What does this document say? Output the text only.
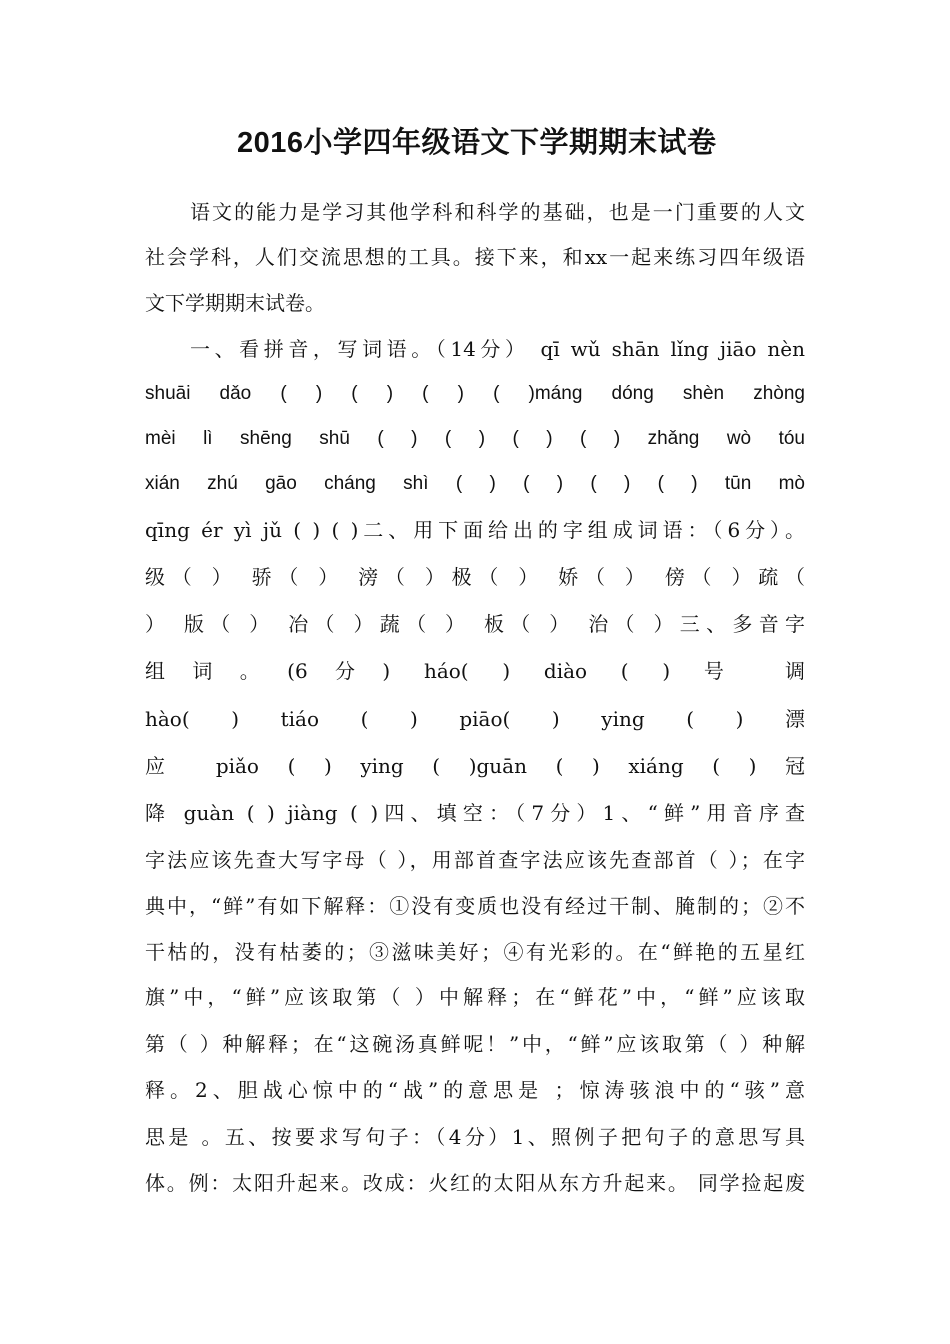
2016小学四年级语文下学期期末试卷
语文的能力是学习其他学科和科学的基础，也是一门重要的人文
社会学科，人们交流思想的工具。接下来，和xx一起来练习四年级语
文下学期期末试卷。
一、看拼音，写词语。（14分） qī wǔ shān lǐng jiāo nèn
shuāi dǎo ( ) ( ) ( ) ( )máng dóng shèn zhòng
mèi lì shēng shū ( ) ( ) ( ) ( ) zhǎng wò tóu
xián zhú gāo cháng shì ( ) ( ) ( ) ( ) tūn mò
qīng ér yì jǔ ( ) ( )二、用下面给出的字组成词语：（6分）。
级（ ） 骄（ ） 滂（ ）极（ ） 娇（ ） 傍（ ）疏（
） 版（ ） 冶（ ）蔬（ ） 板（ ） 治（ ）三、多音字
组词。(6分) háo( ) diào ( ) 号 调
hào( ) tiáo ( ) piāo( ) ying ( ) 漂
应 piǎo ( ) ying ( )guān ( ) xiáng ( ) 冠
降 guàn ( ) jiàng ( )四、填空：（7分）1、“鲜”用音序查
字法应该先查大写字母（ ），用部首查字法应该先查部首（ ）；在字
典中，“鲜”有如下解释：①没有变质也没有经过干制、腌制的；②不
干枯的，没有枯萎的；③滋味美好；④有光彩的。在“鲜艳的五星红
旗”中，“鲜”应该取第（ ）中解释；在“鲜花”中，“鲜”应该取
第（ ）种解释；在“这碗汤真鲜呢！”中，“鲜”应该取第（ ）种解
释。2、胆战心惊中的“战”的意思是 ；惊涛骇浪中的“骇”意
思是 。五、按要求写句子：（4分）1、照例子把句子的意思写具
体。例：太阳升起来。改成：火红的太阳从东方升起来。 同学捡起废
